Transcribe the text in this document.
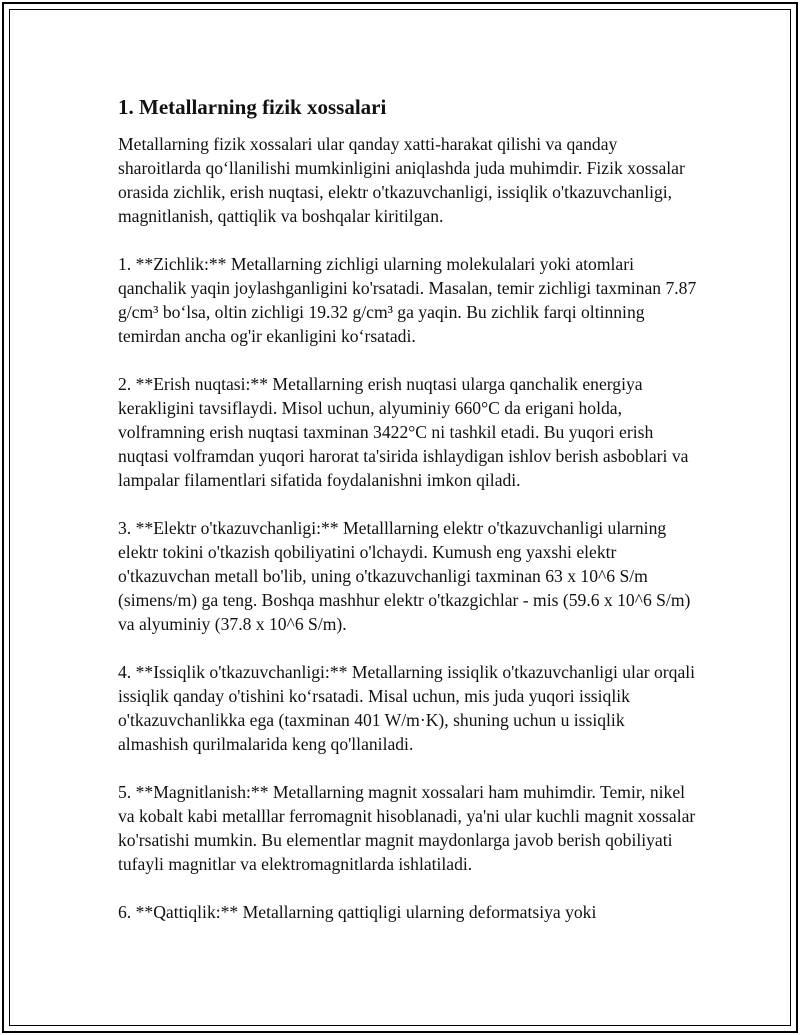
1. Metallarning fizik xossalari

Metallarning fizik xossalari ular qanday xatti-harakat qilishi va qanday sharoitlarda qo‘llanilishi mumkinligini aniqlashda juda muhimdir. Fizik xossalar orasida zichlik, erish nuqtasi, elektr o'tkazuvchanligi, issiqlik o'tkazuvchanligi, magnitlanish, qattiqlik va boshqalar kiritilgan.

1. **Zichlik:** Metallarning zichligi ularning molekulalari yoki atomlari qanchalik yaqin joylashganligini ko'rsatadi. Masalan, temir zichligi taxminan 7.87 g/cm³ bo‘lsa, oltin zichligi 19.32 g/cm³ ga yaqin. Bu zichlik farqi oltinning temirdan ancha og'ir ekanligini ko‘rsatadi.

2. **Erish nuqtasi:** Metallarning erish nuqtasi ularga qanchalik energiya kerakligini tavsiflaydi. Misol uchun, alyuminiy 660°C da erigani holda, volframning erish nuqtasi taxminan 3422°C ni tashkil etadi. Bu yuqori erish nuqtasi volframdan yuqori harorat ta'sirida ishlaydigan ishlov berish asboblari va lampalar filamentlari sifatida foydalanishni imkon qiladi.

3. **Elektr o'tkazuvchanligi:** Metalllarning elektr o'tkazuvchanligi ularning elektr tokini o'tkazish qobiliyatini o'lchaydi. Kumush eng yaxshi elektr o'tkazuvchan metall bo'lib, uning o'tkazuvchanligi taxminan 63 x 10^6 S/m (simens/m) ga teng. Boshqa mashhur elektr o'tkazgichlar - mis (59.6 x 10^6 S/m) va alyuminiy (37.8 x 10^6 S/m).

4. **Issiqlik o'tkazuvchanligi:** Metallarning issiqlik o'tkazuvchanligi ular orqali issiqlik qanday o'tishini ko‘rsatadi. Misal uchun, mis juda yuqori issiqlik o'tkazuvchanlikka ega (taxminan 401 W/m·K), shuning uchun u issiqlik almashish qurilmalarida keng qo'llaniladi.

5. **Magnitlanish:** Metallarning magnit xossalari ham muhimdir. Temir, nikel va kobalt kabi metalllar ferromagnit hisoblanadi, ya'ni ular kuchli magnit xossalar ko'rsatishi mumkin. Bu elementlar magnit maydonlarga javob berish qobiliyati tufayli magnitlar va elektromagnitlarda ishlatiladi.

6. **Qattiqlik:** Metallarning qattiqligi ularning deformatsiya yoki
